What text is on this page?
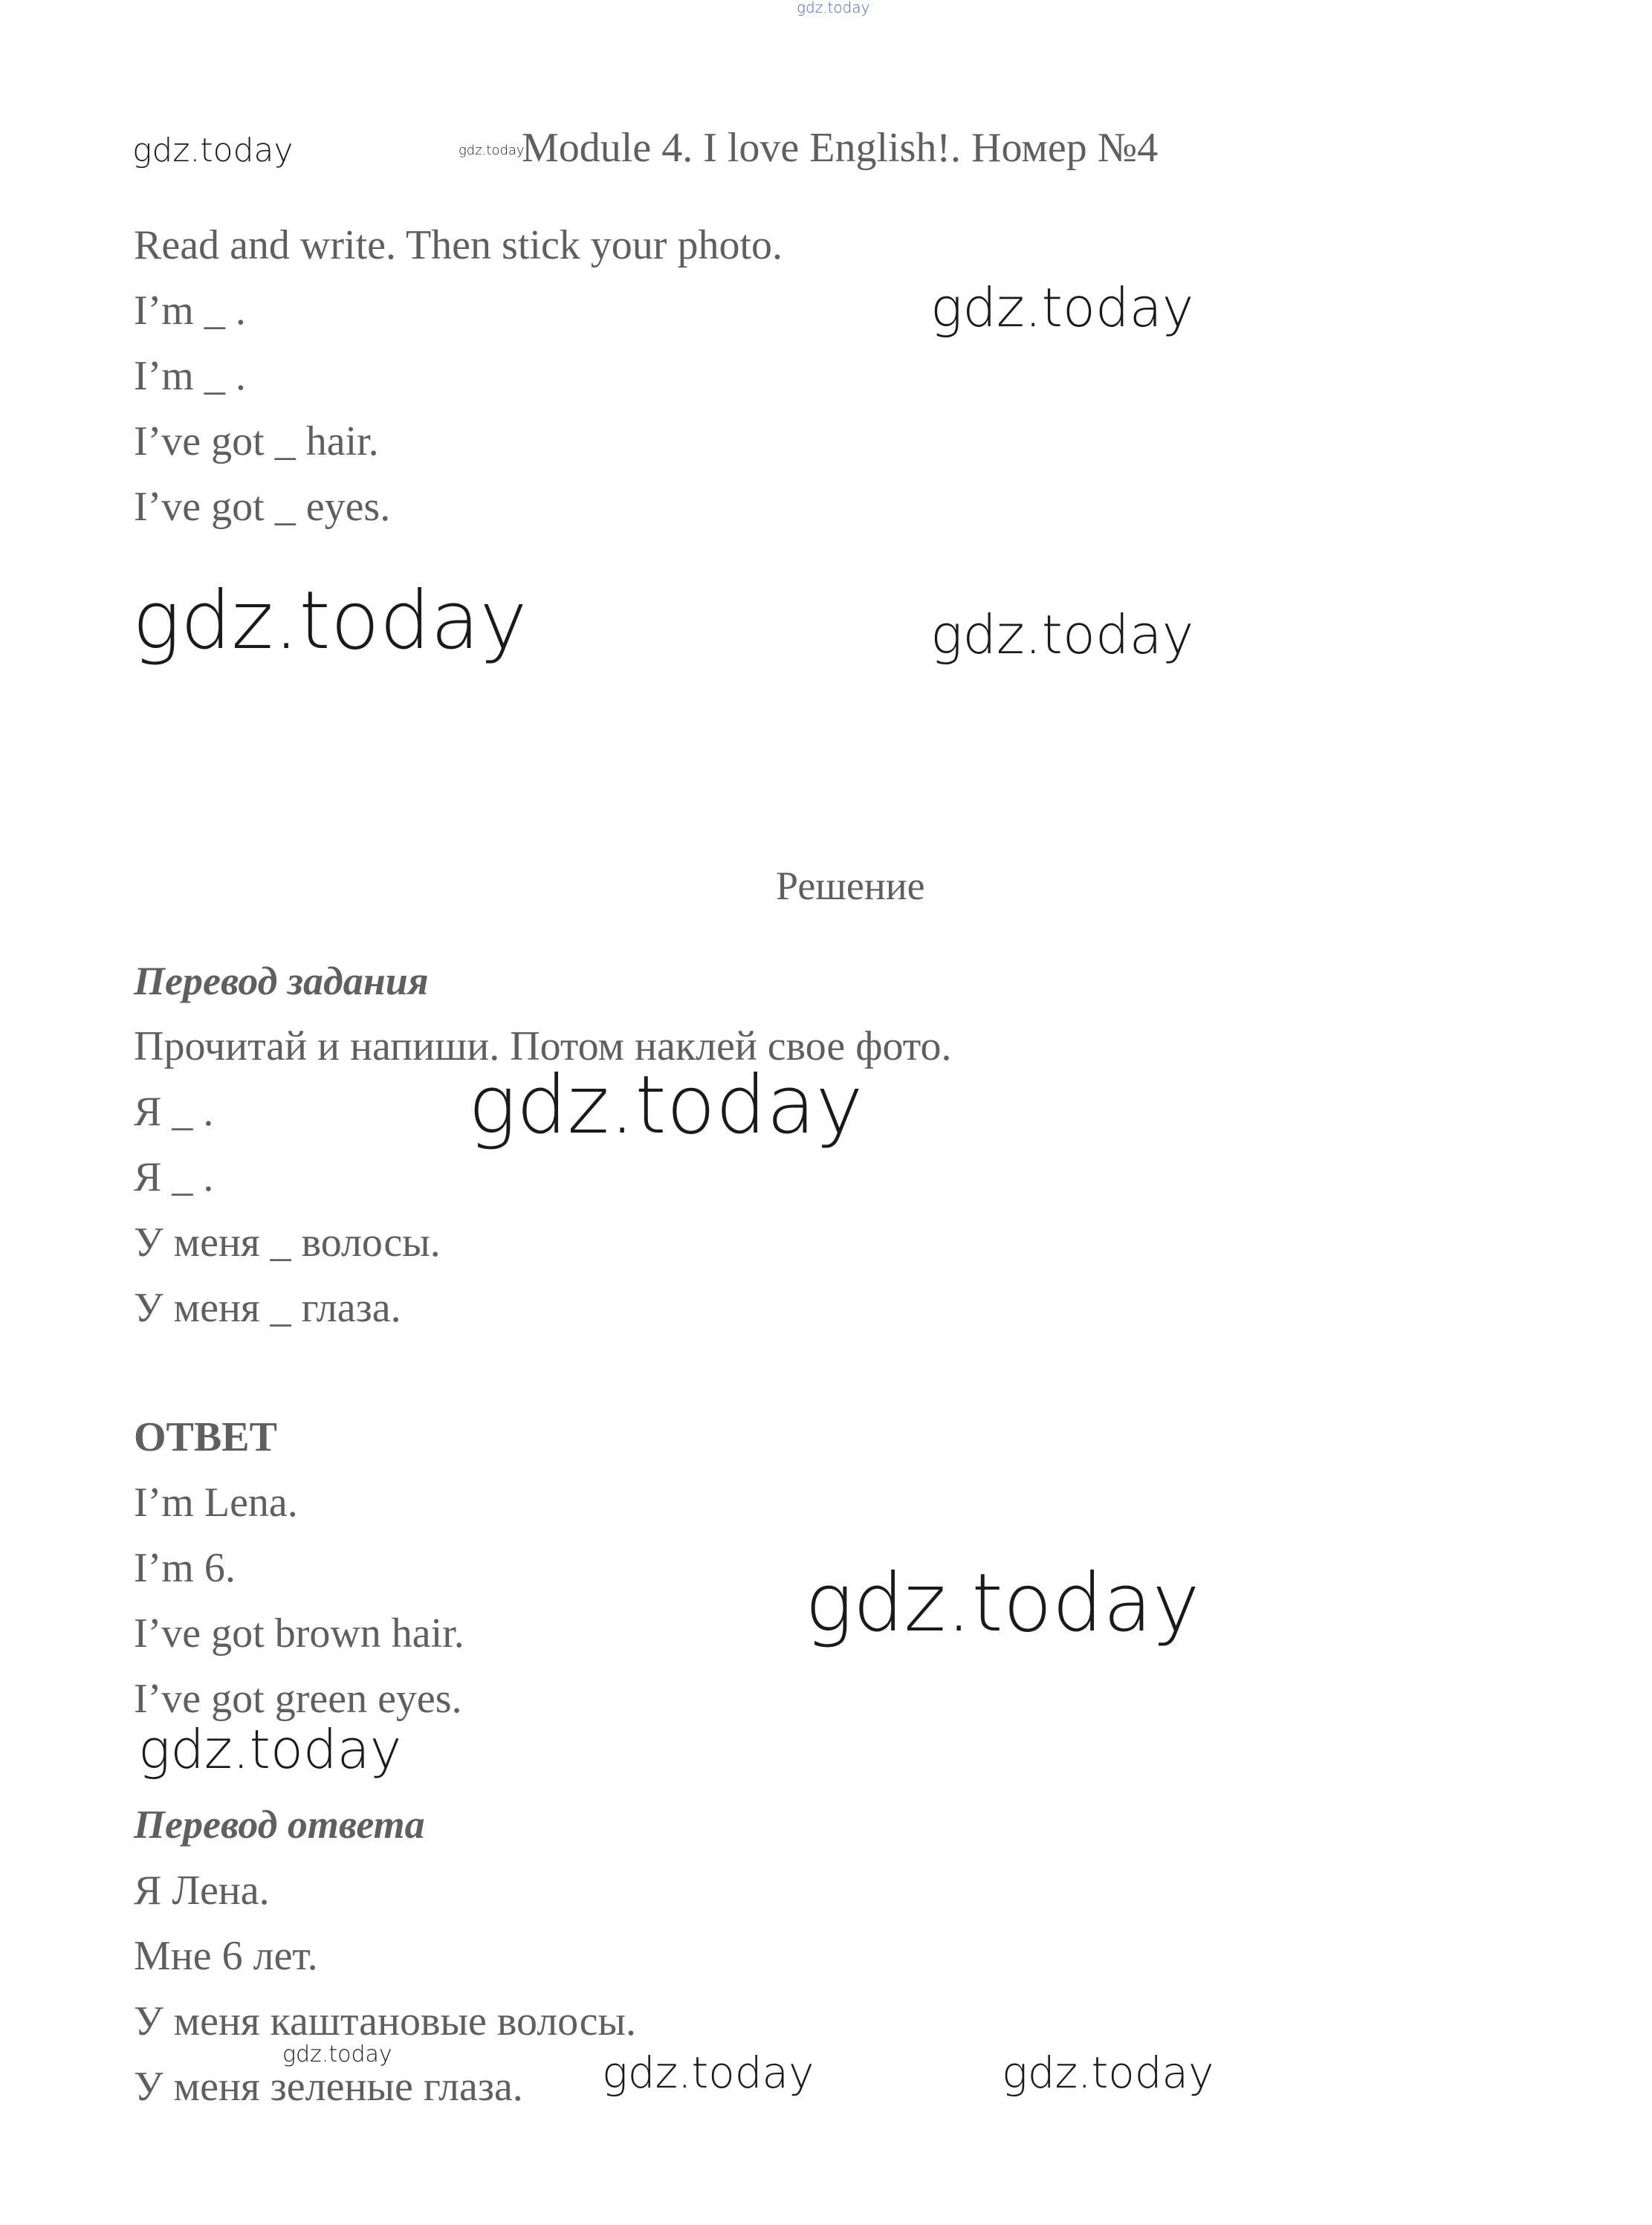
gdz.today
gdz.today	gdz.today
gdz.today
gdz.today	gdz.today
gdz.today
gdz.today
gdz.today
gdz.today	gdz.today	gdz.today
Module 4. I love English!. Номер №4
Read and write. Then stick your photo.
I’m _ .
I’m _ .
I’ve got _ hair.
I’ve got _ eyes.
Решение
Перевод задания
Прочитай и напиши. Потом наклей свое фото.
Я _ .
Я _ .
У меня _ волосы.
У меня _ глаза.
ОТВЕТ
I’m Lena.
I’m 6.
I’ve got brown hair.
I’ve got green eyes.
Перевод ответа
Я Лена.
Мне 6 лет.
У меня каштановые волосы.
У меня зеленые глаза.
